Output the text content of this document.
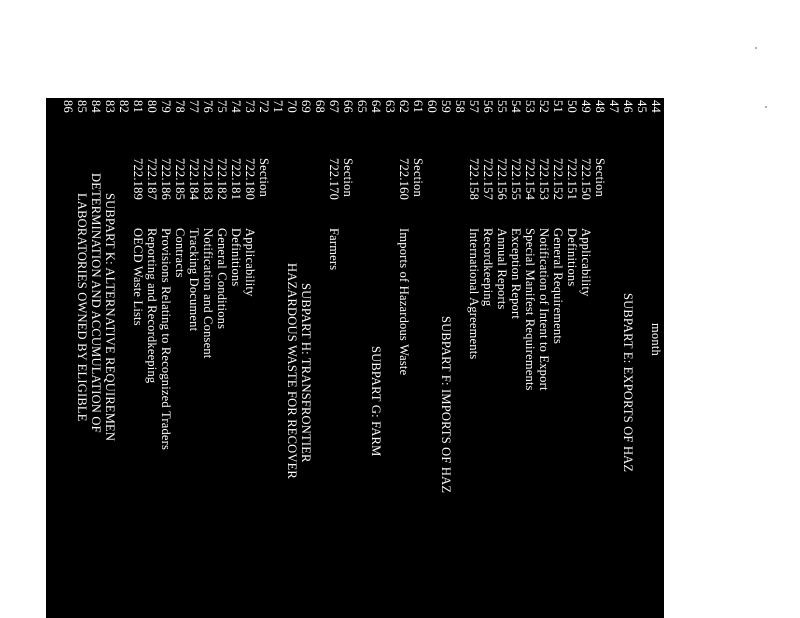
44
month
45
46
SUBPART E: EXPORTS OF HAZ
47
48
Section
49
722.150
Applicability
50
722.151
Definitions
51
722.152
General Requirements
52
722.153
Notification of Intent to Export
53
722.154
Special Manifest Requirements
54
722.155
Exception Report
55
722.156
Annual Reports
56
722.157
Recordkeeping
57
722.158
International Agreements
58
59
SUBPART F: IMPORTS OF HAZ
60
61
Section
62
722.160
Imports of Hazardous Waste
63
64
SUBPART G: FARM
65
66
Section
67
722.170
Farmers
68
69
SUBPART H: TRANSFRONTIER
70
HAZARDOUS WASTE FOR RECOVER
71
72
Section
73
722.180
Applicability
74
722.181
Definitions
75
722.182
General Conditions
76
722.183
Notification and Consent
77
722.184
Tracking Document
78
722.185
Contracts
79
722.186
Provisions Relating to Recognized Traders
80
722.187
Reporting and Recordkeeping
81
722.189
OECD Waste Lists
82
83
SUBPART K: ALTERNATIVE REQUIREMEN
84
DETERMINATION AND ACCUMULATION OF
85
LABORATORIES OWNED BY ELIGIBLE
86
